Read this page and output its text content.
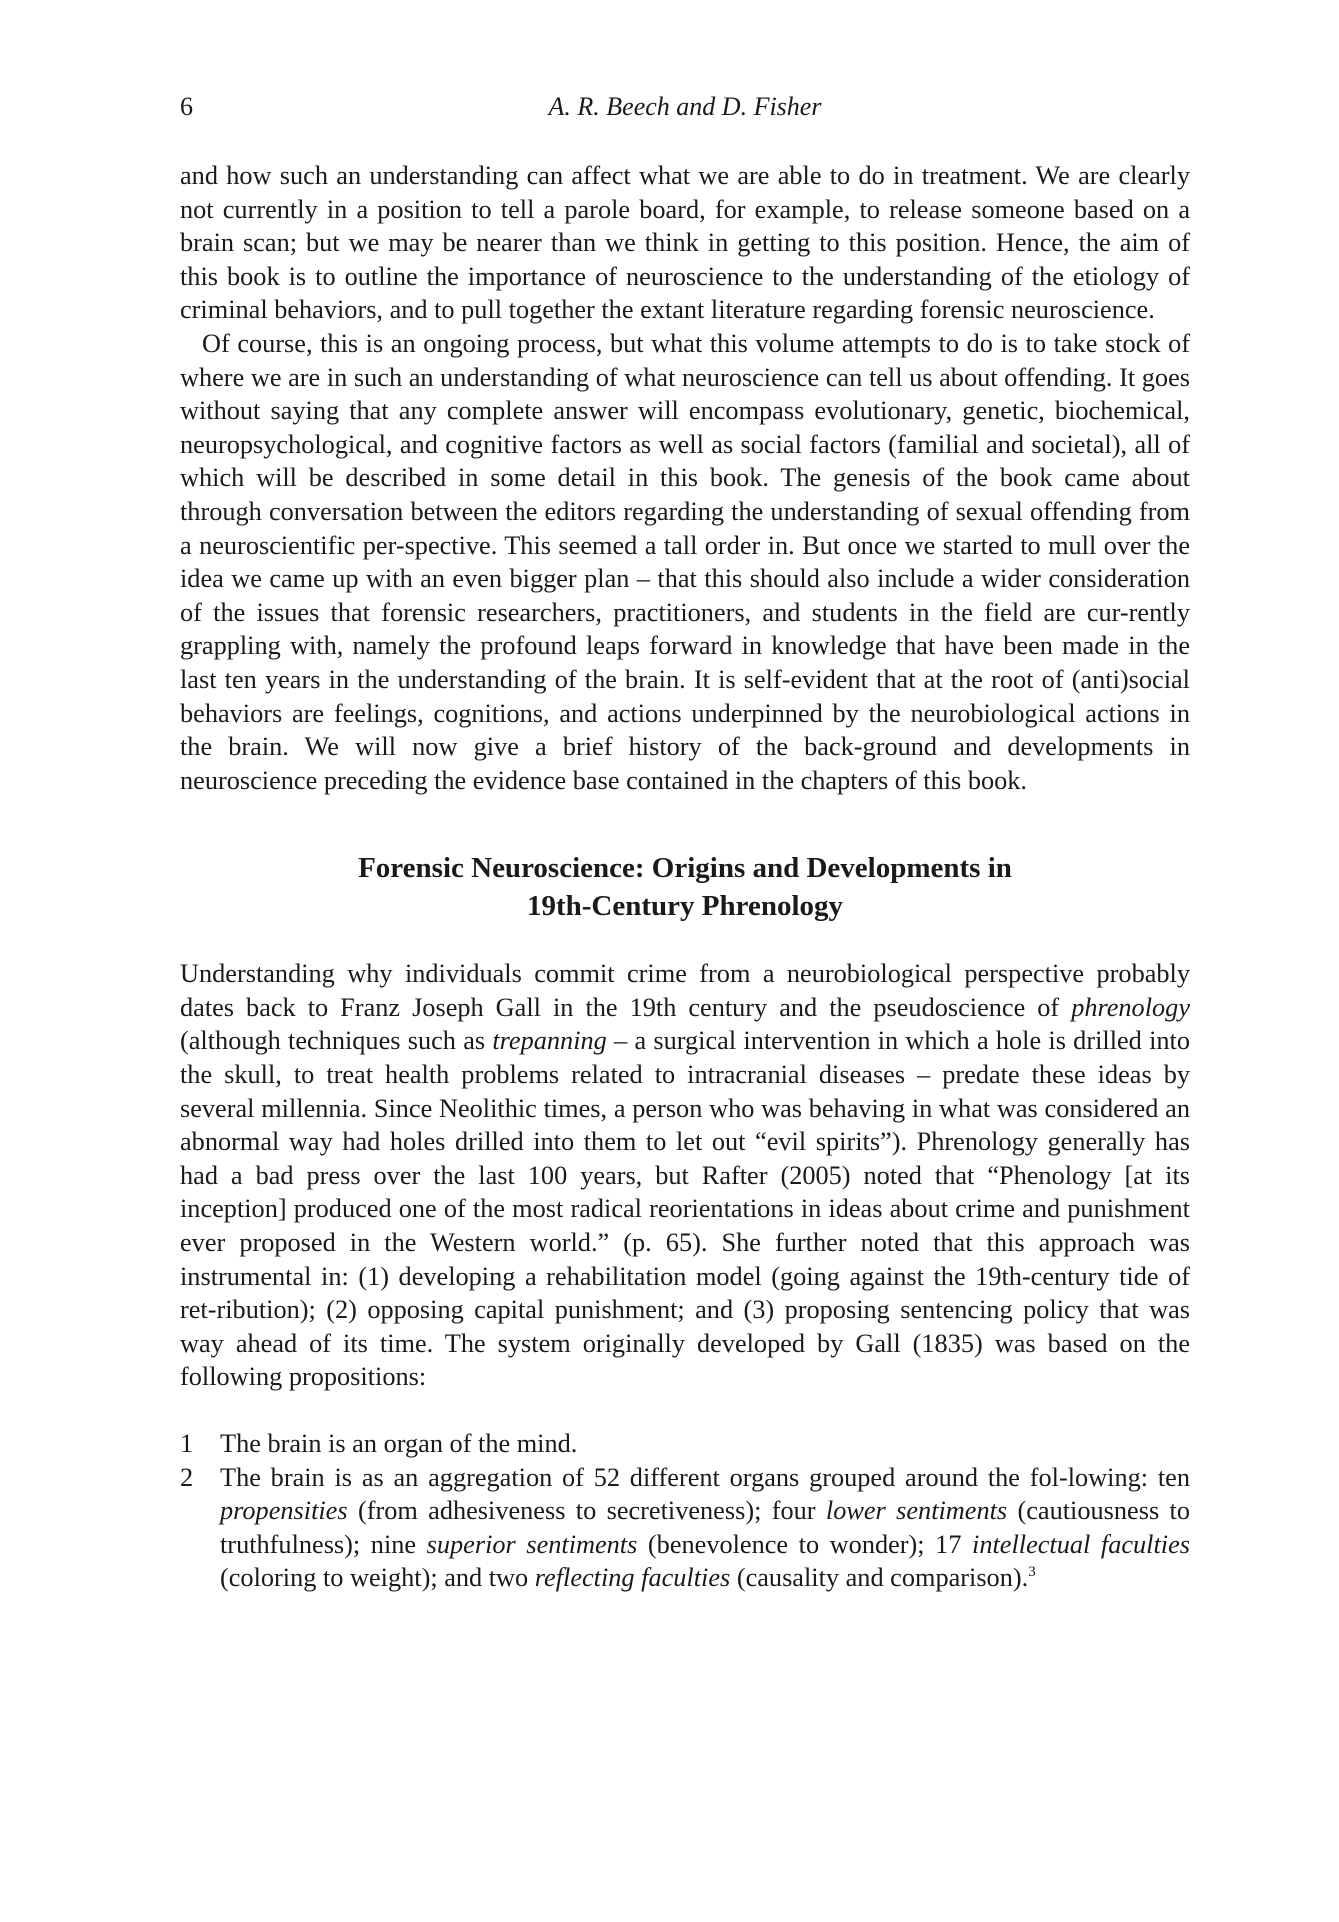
6	A. R. Beech and D. Fisher

and how such an understanding can affect what we are able to do in treatment. We are clearly not currently in a position to tell a parole board, for example, to release someone based on a brain scan; but we may be nearer than we think in getting to this position. Hence, the aim of this book is to outline the importance of neuroscience to the understanding of the etiology of criminal behaviors, and to pull together the extant literature regarding forensic neuroscience.

Of course, this is an ongoing process, but what this volume attempts to do is to take stock of where we are in such an understanding of what neuroscience can tell us about offending. It goes without saying that any complete answer will encompass evolutionary, genetic, biochemical, neuropsychological, and cognitive factors as well as social factors (familial and societal), all of which will be described in some detail in this book. The genesis of the book came about through conversation between the editors regarding the understanding of sexual offending from a neuroscientific per-spective. This seemed a tall order in. But once we started to mull over the idea we came up with an even bigger plan – that this should also include a wider consideration of the issues that forensic researchers, practitioners, and students in the field are cur-rently grappling with, namely the profound leaps forward in knowledge that have been made in the last ten years in the understanding of the brain. It is self-evident that at the root of (anti)social behaviors are feelings, cognitions, and actions underpinned by the neurobiological actions in the brain. We will now give a brief history of the back-ground and developments in neuroscience preceding the evidence base contained in the chapters of this book.

Forensic Neuroscience: Origins and Developments in
19th-Century Phrenology

Understanding why individuals commit crime from a neurobiological perspective probably dates back to Franz Joseph Gall in the 19th century and the pseudoscience of phrenology (although techniques such as trepanning – a surgical intervention in which a hole is drilled into the skull, to treat health problems related to intracranial diseases – predate these ideas by several millennia. Since Neolithic times, a person who was behaving in what was considered an abnormal way had holes drilled into them to let out “evil spirits”). Phrenology generally has had a bad press over the last 100 years, but Rafter (2005) noted that “Phenology [at its inception] produced one of the most radical reorientations in ideas about crime and punishment ever proposed in the Western world.” (p. 65). She further noted that this approach was instrumental in: (1) developing a rehabilitation model (going against the 19th-century tide of ret-ribution); (2) opposing capital punishment; and (3) proposing sentencing policy that was way ahead of its time. The system originally developed by Gall (1835) was based on the following propositions:

1 The brain is an organ of the mind.
2 The brain is as an aggregation of 52 different organs grouped around the fol-lowing: ten propensities (from adhesiveness to secretiveness); four lower sentiments (cautiousness to truthfulness); nine superior sentiments (benevolence to wonder); 17 intellectual faculties (coloring to weight); and two reflecting faculties (causality and comparison).$^3$
